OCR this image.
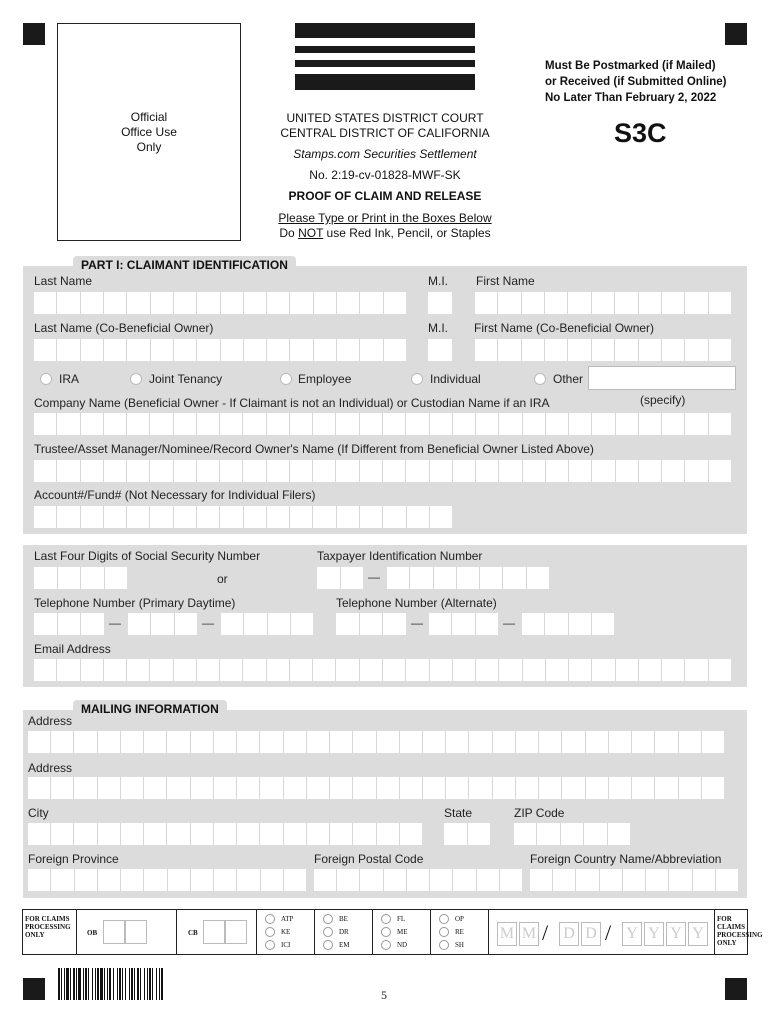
Official Office Use Only
UNITED STATES DISTRICT COURT
CENTRAL DISTRICT OF CALIFORNIA
Stamps.com Securities Settlement
No. 2:19-cv-01828-MWF-SK
PROOF OF CLAIM AND RELEASE
Please Type or Print in the Boxes Below
Do NOT use Red Ink, Pencil, or Staples
Must Be Postmarked (if Mailed)
or Received (if Submitted Online)
No Later Than February 2, 2022
S3C
PART I: CLAIMANT IDENTIFICATION
Last Name	M.I. First Name
Last Name (Co-Beneficial Owner)	M.I. First Name (Co-Beneficial Owner)
IRA	Joint Tenancy	Employee	Individual	Other
(specify)
Company Name (Beneficial Owner - If Claimant is not an Individual) or Custodian Name if an IRA
Trustee/Asset Manager/Nominee/Record Owner's Name (If Different from Beneficial Owner Listed Above)
Account#/Fund# (Not Necessary for Individual Filers)
Last Four Digits of Social Security Number	Taxpayer Identification Number
or	—
Telephone Number (Primary Daytime)	Telephone Number (Alternate)
—	—	—	—
Email Address
MAILING INFORMATION
Address
Address
City	State	ZIP Code
Foreign Province	Foreign Postal Code	Foreign Country Name/Abbreviation
FOR CLAIMS PROCESSING ONLY	OB	CB
ATP
KE
ICI
BE
DR
EM
FL
ME
ND
OP
RE
SH
M M D D Y Y Y Y
/	/
FOR CLAIMS PROCESSING ONLY
5
